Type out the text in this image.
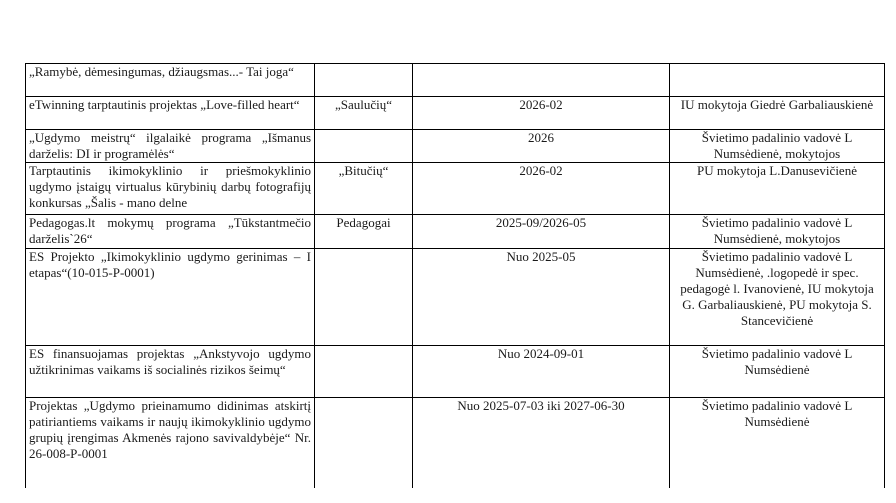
„Ramybė, dėmesingumas, džiaugsmas...- Tai joga“			
eTwinning tarptautinis projektas „Love-filled heart“	„Saulučių“	2026-02	IU mokytoja Giedrė Garbaliauskienė
„Ugdymo meistrų“ ilgalaikė programa „Išmanus darželis: DI ir programėlės“		2026	Švietimo padalinio vadovė L Numsėdienė, mokytojos
Tarptautinis ikimokyklinio ir priešmokyklinio ugdymo įstaigų virtualus kūrybinių darbų fotografijų konkursas „Šalis - mano delne	„Bitučių“	2026-02	PU mokytoja L.Danusevičienė
Pedagogas.lt mokymų programa „Tūkstantmečio darželis`26“	Pedagogai	2025-09/2026-05	Švietimo padalinio vadovė L Numsėdienė, mokytojos
ES Projekto „Ikimokyklinio ugdymo gerinimas – I etapas“(10-015-P-0001)		Nuo 2025-05	Švietimo padalinio vadovė L Numsėdienė, .logopedė ir spec. pedagogė l. Ivanovienė, IU mokytoja G. Garbaliauskienė, PU mokytoja S. Stancevičienė
ES finansuojamas projektas „Ankstyvojo ugdymo užtikrinimas vaikams iš socialinės rizikos šeimų“		Nuo 2024-09-01	Švietimo padalinio vadovė L Numsėdienė
Projektas „Ugdymo prieinamumo didinimas atskirtį patiriantiems vaikams ir naujų ikimokyklinio ugdymo grupių įrengimas Akmenės rajono savivaldybėje“ Nr. 26-008-P-0001		Nuo 2025-07-03 iki 2027-06-30	Švietimo padalinio vadovė L Numsėdienė
